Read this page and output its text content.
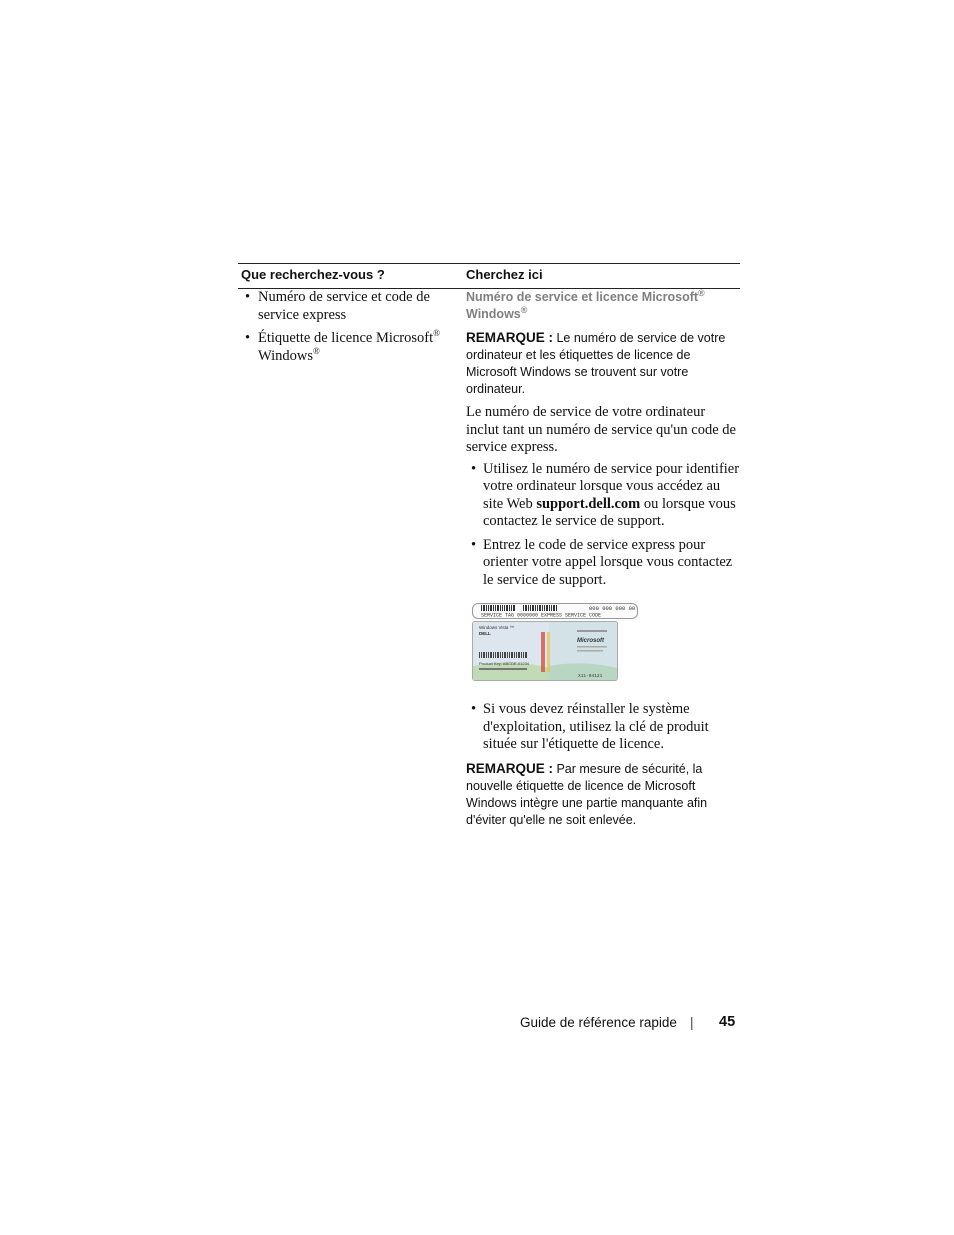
Que recherchez-vous ?	Cherchez ici
• Numéro de service et code de service express
• Étiquette de licence Microsoft® Windows®
Numéro de service et licence Microsoft® Windows®
REMARQUE : Le numéro de service de votre ordinateur et les étiquettes de licence de Microsoft Windows se trouvent sur votre ordinateur.
Le numéro de service de votre ordinateur inclut tant un numéro de service qu'un code de service express.
• Utilisez le numéro de service pour identifier votre ordinateur lorsque vous accédez au site Web support.dell.com ou lorsque vous contactez le service de support.
• Entrez le code de service express pour orienter votre appel lorsque vous contactez le service de support.
SERVICE TAG 0000000 EXPRESS SERVICE CODE
000 000 000 00
Windows Vista ™
DELL
Product Key: ABCDE-01234
Microsoft
X11-04121
• Si vous devez réinstaller le système d'exploitation, utilisez la clé de produit située sur l'étiquette de licence.
REMARQUE : Par mesure de sécurité, la nouvelle étiquette de licence de Microsoft Windows intègre une partie manquante afin d'éviter qu'elle ne soit enlevée.
Guide de référence rapide | 45
